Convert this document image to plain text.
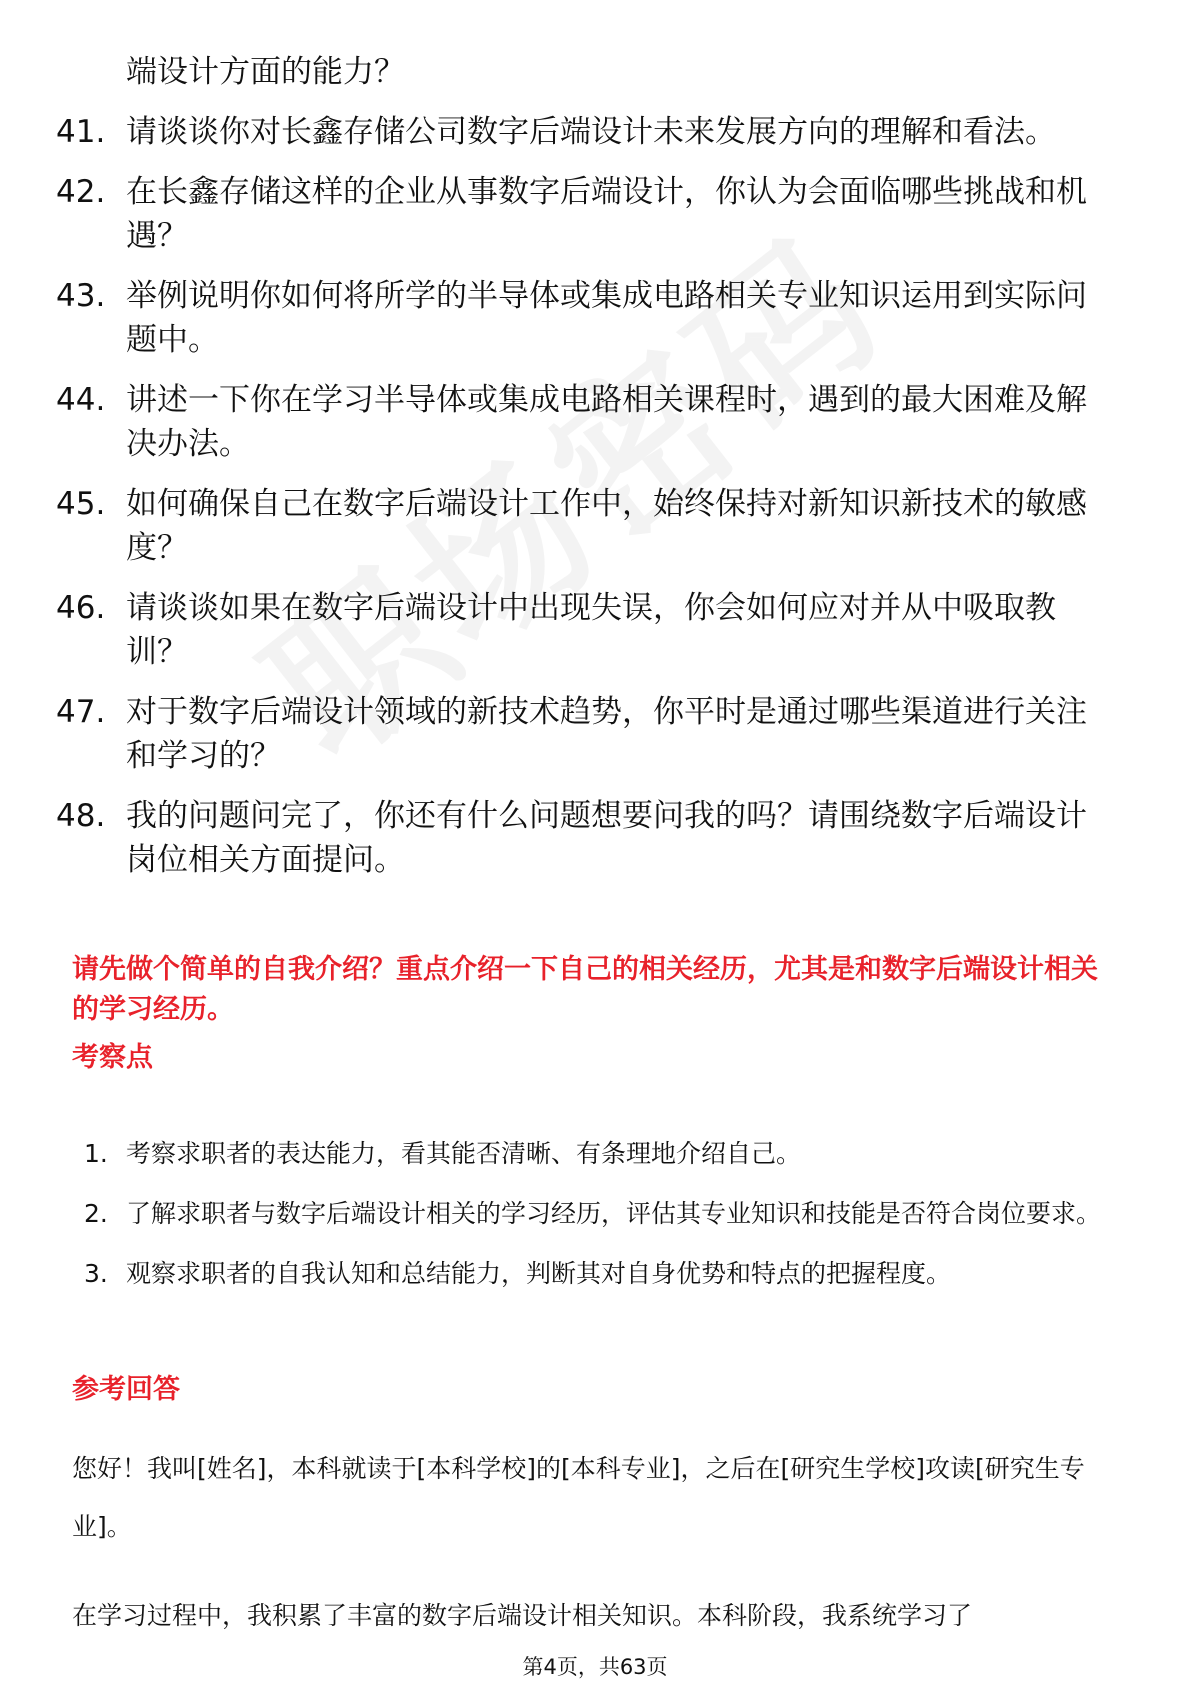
端设计方面的能力？
41. 请谈谈你对长鑫存储公司数字后端设计未来发展方向的理解和看法。
42. 在长鑫存储这样的企业从事数字后端设计，你认为会面临哪些挑战和机遇？
43. 举例说明你如何将所学的半导体或集成电路相关专业知识运用到实际问题中。
44. 讲述一下你在学习半导体或集成电路相关课程时，遇到的最大困难及解决办法。
45. 如何确保自己在数字后端设计工作中，始终保持对新知识新技术的敏感度？
46. 请谈谈如果在数字后端设计中出现失误，你会如何应对并从中吸取教训？
47. 对于数字后端设计领域的新技术趋势，你平时是通过哪些渠道进行关注和学习的？
48. 我的问题问完了，你还有什么问题想要问我的吗？请围绕数字后端设计岗位相关方面提问。
请先做个简单的自我介绍？重点介绍一下自己的相关经历，尤其是和数字后端设计相关的学习经历。
考察点
1. 考察求职者的表达能力，看其能否清晰、有条理地介绍自己。
2. 了解求职者与数字后端设计相关的学习经历，评估其专业知识和技能是否符合岗位要求。
3. 观察求职者的自我认知和总结能力，判断其对自身优势和特点的把握程度。
参考回答
您好！我叫[姓名]，本科就读于[本科学校]的[本科专业]，之后在[研究生学校]攻读[研究生专业]。
在学习过程中，我积累了丰富的数字后端设计相关知识。本科阶段，我系统学习了
第4页，共63页
